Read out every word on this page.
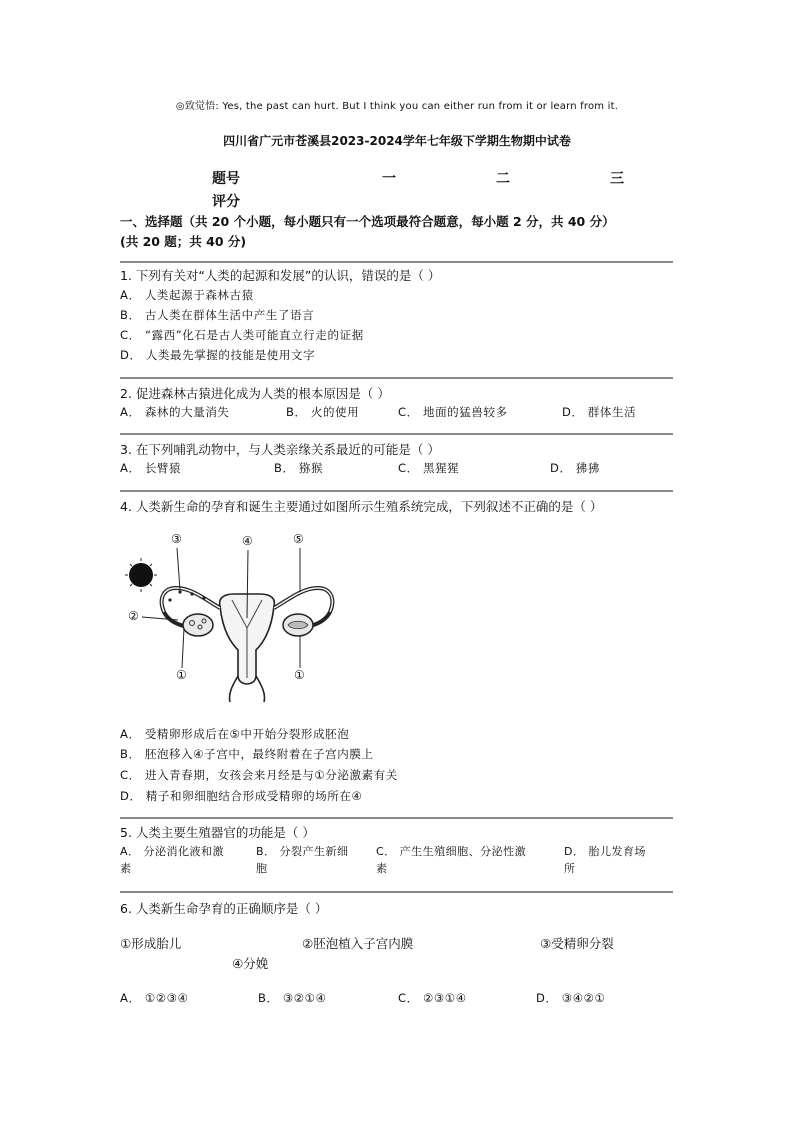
◎致觉悟: Yes, the past can hurt. But I think you can either run from it or learn from it.
四川省广元市苍溪县2023-2024学年七年级下学期生物期中试卷
题号	一	二	三
评分
一、选择题（共 20 个小题，每小题只有一个选项最符合题意，每小题 2 分，共 40 分）
(共 20 题；共 40 分)
1. 下列有关对“人类的起源和发展”的认识，错误的是（ ）
A． 人类起源于森林古猿
B． 古人类在群体生活中产生了语言
C． “露西”化石是古人类可能直立行走的证据
D． 人类最先掌握的技能是使用文字
2. 促进森林古猿进化成为人类的根本原因是（ ）
A． 森林的大量消失	B． 火的使用	C． 地面的猛兽较多	D． 群体生活
3. 在下列哺乳动物中，与人类亲缘关系最近的可能是（ ）
A． 长臂猿	B． 猕猴	C． 黑猩猩	D． 狒狒
4. 人类新生命的孕育和诞生主要通过如图所示生殖系统完成，下列叙述不正确的是（ ）
③	④	⑤
②
①	①
A． 受精卵形成后在⑤中开始分裂形成胚泡
B． 胚泡移入④子宫中，最终附着在子宫内膜上
C． 进入青春期，女孩会来月经是与①分泌激素有关
D． 精子和卵细胞结合形成受精卵的场所在④
5. 人类主要生殖器官的功能是（ ）
A． 分泌消化液和激
素
B． 分裂产生新细
胞
C． 产生生殖细胞、分泌性激
素
D． 胎儿发育场
所
6. 人类新生命孕育的正确顺序是（ ）
①形成胎儿	②胚泡植入子宫内膜	③受精卵分裂
④分娩
A． ①②③④	B． ③②①④	C． ②③①④	D． ③④②①
